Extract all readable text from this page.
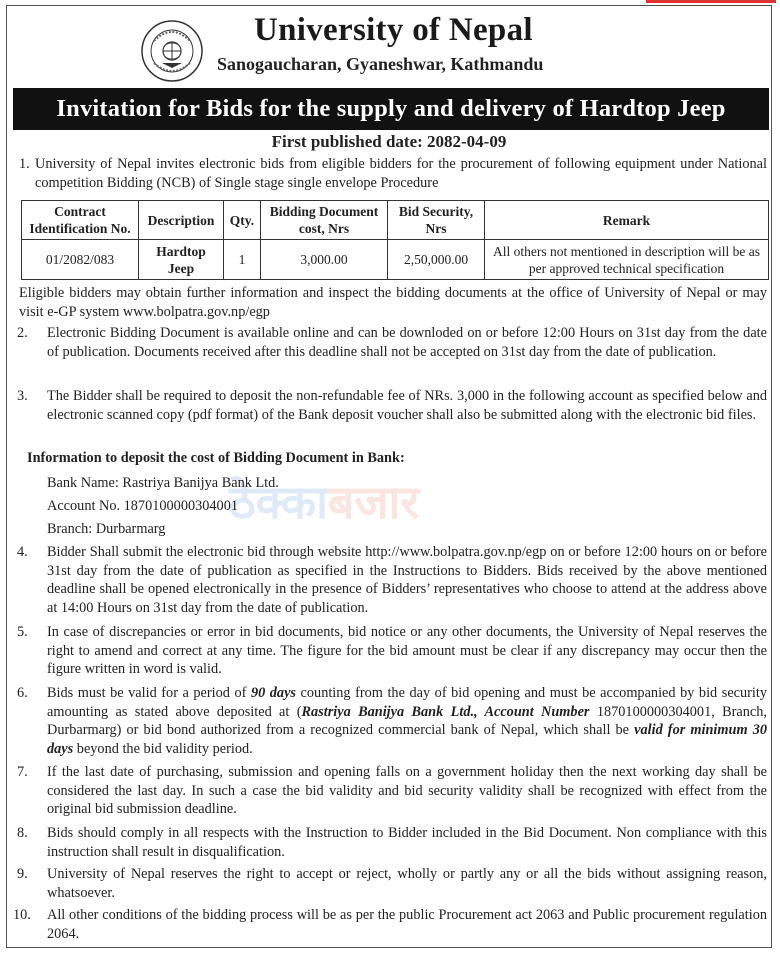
University of Nepal
Sanogaucharan, Gyaneshwar, Kathmandu
Invitation for Bids for the supply and delivery of Hardtop Jeep
First published date: 2082-04-09
1. University of Nepal invites electronic bids from eligible bidders for the procurement of following equipment under National competition Bidding (NCB) of Single stage single envelope Procedure
Contract Identification No.	Description	Qty.	Bidding Document cost, Nrs	Bid Security, Nrs	Remark
01/2082/083	Hardtop Jeep	1	3,000.00	2,50,000.00	All others not mentioned in description will be as per approved technical specification
Eligible bidders may obtain further information and inspect the bidding documents at the office of University of Nepal or may visit e-GP system www.bolpatra.gov.np/egp
2. Electronic Bidding Document is available online and can be downloded on or before 12:00 Hours on 31st day from the date of publication. Documents received after this deadline shall not be accepted on 31st day from the date of publication.
3. The Bidder shall be required to deposit the non-refundable fee of NRs. 3,000 in the following account as specified below and electronic scanned copy (pdf format) of the Bank deposit voucher shall also be submitted along with the electronic bid files.
ठेक्काबजार
Information to deposit the cost of Bidding Document in Bank:
Bank Name: Rastriya Banijya Bank Ltd.
Account No. 1870100000304001
Branch: Durbarmarg
4. Bidder Shall submit the electronic bid through website http://www.bolpatra.gov.np/egp on or before 12:00 hours on or before 31st day from the date of publication as specified in the Instructions to Bidders. Bids received by the above mentioned deadline shall be opened electronically in the presence of Bidders’ representatives who choose to attend at the address above at 14:00 Hours on 31st day from the date of publication.
5. In case of discrepancies or error in bid documents, bid notice or any other documents, the University of Nepal reserves the right to amend and correct at any time. The figure for the bid amount must be clear if any discrepancy may occur then the figure written in word is valid.
6. Bids must be valid for a period of 90 days counting from the day of bid opening and must be accompanied by bid security amounting as stated above deposited at (Rastriya Banijya Bank Ltd., Account Number 1870100000304001, Branch, Durbarmarg) or bid bond authorized from a recognized commercial bank of Nepal, which shall be valid for minimum 30 days beyond the bid validity period.
7. If the last date of purchasing, submission and opening falls on a government holiday then the next working day shall be considered the last day. In such a case the bid validity and bid security validity shall be recognized with effect from the original bid submission deadline.
8. Bids should comply in all respects with the Instruction to Bidder included in the Bid Document. Non compliance with this instruction shall result in disqualification.
9. University of Nepal reserves the right to accept or reject, wholly or partly any or all the bids without assigning reason, whatsoever.
10. All other conditions of the bidding process will be as per the public Procurement act 2063 and Public procurement regulation 2064.
